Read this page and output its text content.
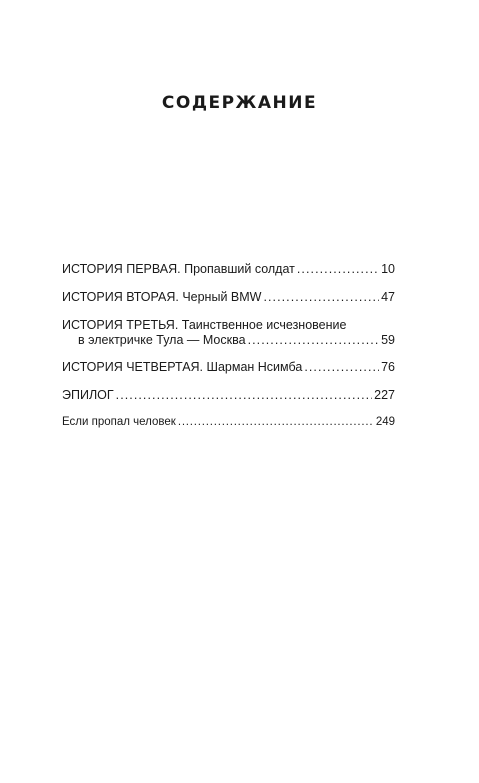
СОДЕРЖАНИЕ
ИСТОРИЯ ПЕРВАЯ. Пропавший солдат . . .	10
ИСТОРИЯ ВТОРАЯ. Черный BMW . . .	47
ИСТОРИЯ ТРЕТЬЯ. Таинственное исчезновение
в электричке Тула — Москва . . .	59
ИСТОРИЯ ЧЕТВЕРТАЯ. Шарман Нсимба . . .	76
ЭПИЛОГ . . .	227
Если пропал человек . . .	249
